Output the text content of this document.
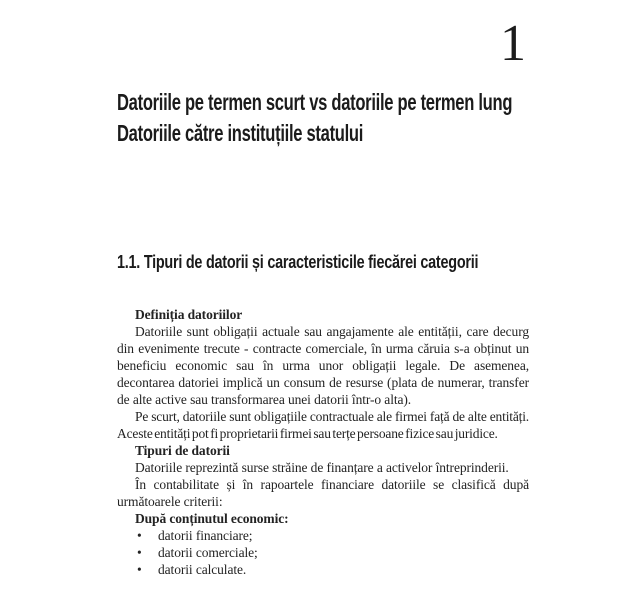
1
Datoriile pe termen scurt vs datoriile pe termen lung
Datoriile către instituțiile statului
1.1. Tipuri de datorii și caracteristicile fiecărei categorii

Definiția datoriilor

Datoriile sunt obligații actuale sau angajamente ale entității, care decurg din evenimente trecute - contracte comerciale, în urma căruia s-a obținut un beneficiu economic sau în urma unor obligații legale. De asemenea, decontarea datoriei implică un consum de resurse (plata de numerar, transfer de alte active sau transformarea unei datorii într-o alta).

Pe scurt, datoriile sunt obligațiile contractuale ale firmei față de alte entități. Aceste entități pot fi proprietarii firmei sau terțe persoane fizice sau juridice.

Tipuri de datorii

Datoriile reprezintă surse străine de finanțare a activelor întreprinderii.

În contabilitate și în rapoartele financiare datoriile se clasifică după următoarele criterii:

După conținutul economic:

• datorii financiare;
• datorii comerciale;
• datorii calculate.
